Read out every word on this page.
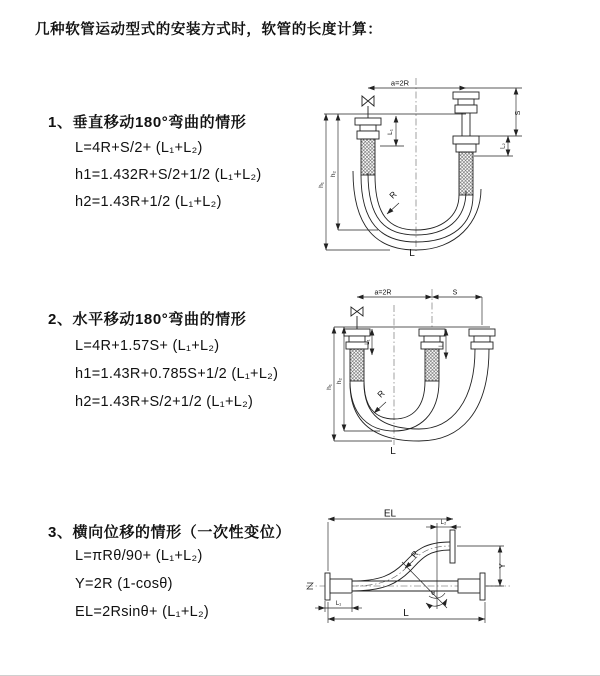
几种软管运动型式的安装方式时，软管的长度计算：
1、垂直移动180°弯曲的情形
L=4R+S/2+ (L₁+L₂)
h1=1.432R+S/2+1/2 (L₁+L₂)
h2=1.43R+1/2 (L₁+L₂)
2、水平移动180°弯曲的情形
L=4R+1.57S+ (L₁+L₂)
h1=1.43R+0.785S+1/2 (L₁+L₂)
h2=1.43R+S/2+1/2 (L₁+L₂)
3、横向位移的情形（一次性变位）
L=πRθ/90+ (L₁+L₂)
Y=2R (1-cosθ)
EL=2Rsinθ+ (L₁+L₂)
a=2R
L₁
S
L₂
h₁
h₂
R
L
a=2R	S
L₁	L₂
h₁
h₂
R
L
EL
L₂
θ
R
Y
L₁
L
